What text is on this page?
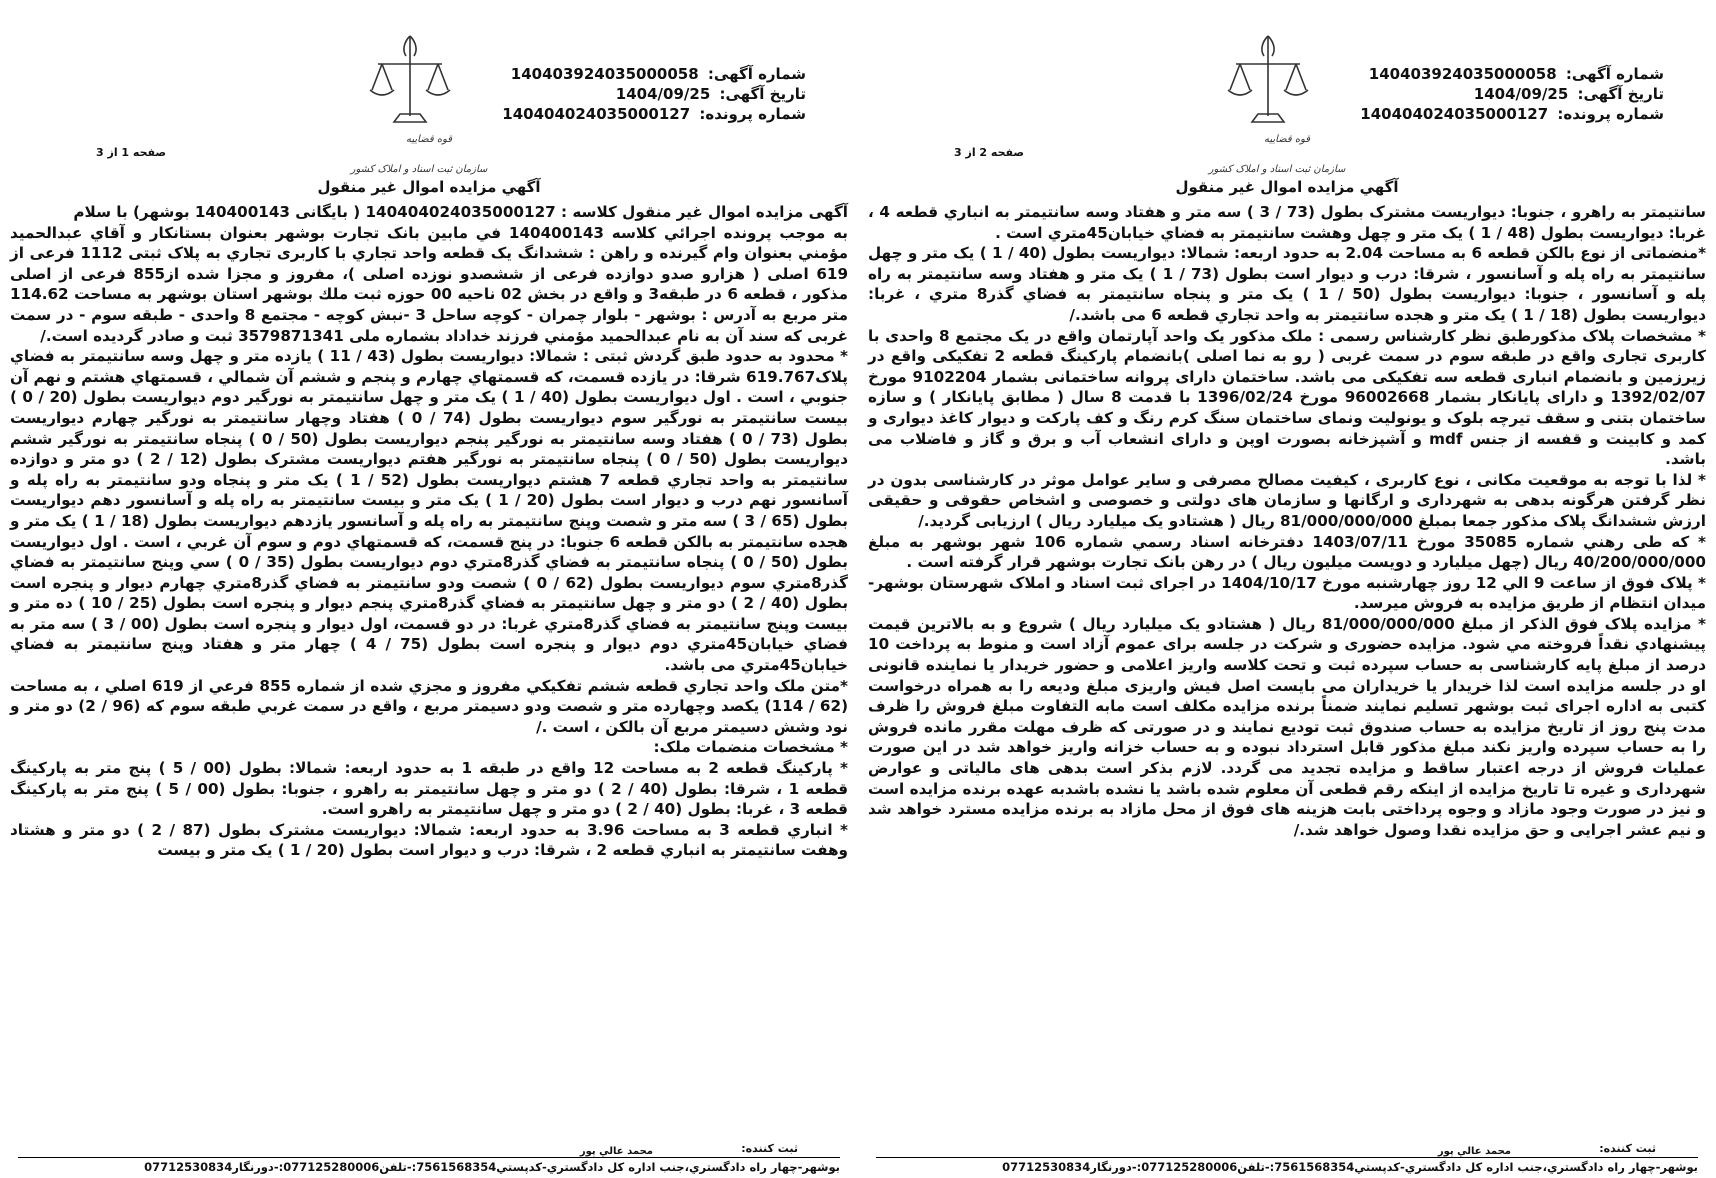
شماره آگهی: 140403924035000058
تاریخ آگهی: 1404/09/25
شماره پرونده: 140404024035000127
قوه قضاییه
سازمان ثبت اسناد و املاک کشور
صفحه 1 از 3
آگهي مزايده اموال غير منقول

آگهی مزایده اموال غیر منقول کلاسه : 140404024035000127 ( بایگانی 140400143 بوشهر) با سلام

به موجب پرونده اجرائي كلاسه 140400143 في مابين بانک تجارت بوشهر بعنوان بستانكار و آقاي عبدالحميد مؤمني بعنوان وام گيرنده و راهن : ششدانگ يک قطعه واحد تجاري با کاربری تجاري به پلاک ثبتی 1112 فرعی از 619 اصلی ( هزارو صدو دوازده فرعی از ششصدو نوزده اصلی )، مفروز و مجزا شده از855 فرعی از اصلی مذکور ، قطعه 6 در طبقه3 و واقع در بخش 02 ناحيه 00 حوزه ثبت ملك بوشهر استان بوشهر به مساحت 114.62 متر مربع به آدرس : بوشهر - بلوار چمران - كوچه ساحل 3 -نبش كوچه - مجتمع 8 واحدی - طبقه سوم - در سمت غربی که سند آن به نام عبدالحميد مؤمني فرزند خداداد بشماره ملی 3579871341 ثبت و صادر گرديده است./

* محدود به حدود طبق گردش ثبتی : شمالا: ديواريست بطول (43 / 11 ) يازده متر و چهل وسه سانتيمتر به فضاي پلاک619.767 شرقا: در يازده قسمت، كه قسمتهاي چهارم و پنجم و ششم آن شمالي ، قسمتهاي هشتم و نهم آن جنوبي ، است . اول ديواريست بطول (40 / 1 ) يک متر و چهل سانتيمتر به نورگير دوم ديواريست بطول (20 / 0 ) بيست سانتيمتر به نورگير سوم ديواريست بطول (74 / 0 ) هفتاد وچهار سانتيمتر به نورگير چهارم ديواريست بطول (73 / 0 ) هفتاد وسه سانتيمتر به نورگير پنجم ديواريست بطول (50 / 0 ) پنجاه سانتيمتر به نورگير ششم ديواريست بطول (50 / 0 ) پنجاه سانتيمتر به نورگير هفتم ديواريست مشترک بطول (12 / 2 ) دو متر و دوازده سانتيمتر به واحد تجاري قطعه 7 هشتم ديواريست بطول (52 / 1 ) يک متر و پنجاه ودو سانتيمتر به راه پله و آسانسور نهم درب و ديوار است بطول (20 / 1 ) يک متر و بيست سانتيمتر به راه پله و آسانسور دهم ديواريست بطول (65 / 3 ) سه متر و شصت وپنج سانتيمتر به راه پله و آسانسور يازدهم ديواريست بطول (18 / 1 ) يک متر و هجده سانتيمتر به بالكن قطعه 6 جنوبا: در پنج قسمت، كه قسمتهاي دوم و سوم آن غربي ، است . اول ديواريست بطول (50 / 0 ) پنجاه سانتيمتر به فضاي گذر8متري دوم ديواريست بطول (35 / 0 ) سي وپنج سانتيمتر به فضاي گذر8متري سوم ديواريست بطول (62 / 0 ) شصت ودو سانتيمتر به فضاي گذر8متري چهارم ديوار و پنجره است بطول (40 / 2 ) دو متر و چهل سانتيمتر به فضاي گذر8متري پنجم ديوار و پنجره است بطول (25 / 10 ) ده متر و بيست وپنج سانتيمتر به فضاي گذر8متري غربا: در دو قسمت، اول ديوار و پنجره است بطول (00 / 3 ) سه متر به فضاي خيابان45متري دوم ديوار و پنجره است بطول (75 / 4 ) چهار متر و هفتاد وپنج سانتيمتر به فضاي خيابان45متري می باشد.

*متن ملک واحد تجاري قطعه ششم تفكيكي مفروز و مجزي شده از شماره 855 فرعي از 619 اصلي ، به مساحت (62 / 114) يكصد وچهارده متر و شصت ودو دسيمتر مربع ، واقع در سمت غربي طبقه سوم كه (96 / 2) دو متر و نود وشش دسيمتر مربع آن بالكن ، است ./

* مشخصات منضمات ملک:

* پاركينگ قطعه 2 به مساحت 12 واقع در طبقه 1 به حدود اربعه: شمالا: بطول (00 / 5 ) پنج متر به پاركينگ قطعه 1 ، شرقا: بطول (40 / 2 ) دو متر و چهل سانتيمتر به راهرو ، جنوبا: بطول (00 / 5 ) پنج متر به پاركينگ قطعه 3 ، غربا: بطول (40 / 2 ) دو متر و چهل سانتيمتر به راهرو است.

* انباري قطعه 3 به مساحت 3.96 به حدود اربعه: شمالا: ديواريست مشترک بطول (87 / 2 ) دو متر و هشتاد وهفت سانتيمتر به انباري قطعه 2 ، شرقا: درب و ديوار است بطول (20 / 1 ) يک متر و بيست

ثبت کننده:
محمد عالي پور
بوشهر-چهار راه دادگستري،جنب اداره كل دادگستري-كدپستي7561568354:-تلفن077125280006:-دورنگار07712530834
شماره آگهی: 140403924035000058
تاریخ آگهی: 1404/09/25
شماره پرونده: 140404024035000127
قوه قضاییه
سازمان ثبت اسناد و املاک کشور
صفحه 2 از 3
آگهي مزايده اموال غير منقول

سانتيمتر به راهرو ، جنوبا: ديواريست مشترک بطول (73 / 3 ) سه متر و هفتاد وسه سانتيمتر به انباري قطعه 4 ، غربا: ديواريست بطول (48 / 1 ) يک متر و چهل وهشت سانتيمتر به فضاي خيابان45متري است .

*منضماتی از نوع بالكن قطعه 6 به مساحت 2.04 به حدود اربعه: شمالا: ديواريست بطول (40 / 1 ) يک متر و چهل سانتيمتر به راه پله و آسانسور ، شرقا: درب و ديوار است بطول (73 / 1 ) يک متر و هفتاد وسه سانتيمتر به راه پله و آسانسور ، جنوبا: ديواريست بطول (50 / 1 ) يک متر و پنجاه سانتيمتر به فضاي گذر8 متري ، غربا: ديواريست بطول (18 / 1 ) يک متر و هجده سانتيمتر به واحد تجاري قطعه 6 می باشد./

* مشخصات پلاک مذكورطبق نظر كارشناس رسمی : ملک مذکور یک واحد آپارتمان واقع در یک مجتمع 8 واحدی با کاربری تجاری واقع در طبقه سوم در سمت غربی ( رو به نما اصلی )بانضمام پارکینگ قطعه 2 تفکیکی واقع در زیرزمین و بانضمام انباری قطعه سه تفکیکی می باشد. ساختمان دارای پروانه ساختمانی بشمار 9102204 مورخ 1392/02/07 و دارای پایانکار بشمار 96002668 مورخ 1396/02/24 با قدمت 8 سال ( مطابق پایانکار ) و سازه ساختمان بتنی و سقف تیرچه بلوک و یونولیت ونمای ساختمان سنگ کرم رنگ و کف پارکت و دیوار کاغذ دیواری و کمد و کابینت و قفسه از جنس mdf و آشپزخانه بصورت اوپن و دارای انشعاب آب و برق و گاز و فاضلاب می باشد.

* لذا با توجه به موقعيت مكانی ، نوع كاربری ، كيفيت مصالح مصرفی و ساير عوامل موثر در كارشناسی بدون در نظر گرفتن هرگونه بدهی به شهرداری و ارگانها و سازمان های دولتی و خصوصی و اشخاص حقوقی و حقيقی ارزش ششدانگ پلاک مذكور جمعا بمبلغ 81/000/000/000 ريال ( هشتادو يک ميليارد ريال ) ارزيابی گرديد./

* که طی رهني شماره 35085 مورخ 1403/07/11 دفترخانه اسناد رسمي شماره 106 شهر بوشهر به مبلغ 40/200/000/000 ريال (چهل ميليارد و دويست ميليون ريال ) در رهن بانک تجارت بوشهر قرار گرفته است .

* پلاک فوق از ساعت 9 الي 12 روز چهارشنبه مورخ 1404/10/17 در اجرای ثبت اسناد و املاک شهرستان بوشهر- ميدان انتظام از طريق مزايده به فروش ميرسد.

* مزايده پلاک فوق الذكر از مبلغ 81/000/000/000 ريال ( هشتادو يک ميليارد ريال ) شروع و به بالاترين قيمت پيشنهادي نقداً فروخته مي شود. مزایده حضوری و شرکت در جلسه برای عموم آزاد است و منوط به پرداخت 10 درصد از مبلغ پایه کارشناسی به حساب سپرده ثبت و تحت کلاسه واریز اعلامی و حضور خریدار یا نماینده قانونی او در جلسه مزایده است لذا خریدار یا خریداران می بایست اصل فیش واریزی مبلغ ودیعه را به همراه درخواست کتبی به اداره اجرای ثبت بوشهر تسلیم نمایند ضمناً برنده مزایده مکلف است مابه التفاوت مبلغ فروش را ظرف مدت پنج روز از تاریخ مزایده به حساب صندوق ثبت تودیع نمایند و در صورتی که ظرف مهلت مقرر مانده فروش را به حساب سپرده واریز نکند مبلغ مذکور قابل استرداد نبوده و به حساب خزانه واریز خواهد شد در این صورت عملیات فروش از درجه اعتبار ساقط و مزایده تجدید می گردد. لازم بذکر است بدهی های مالیاتی و عوارض شهرداری و غیره تا تاریخ مزایده از اینکه رقم قطعی آن معلوم شده باشد یا نشده باشدبه عهده برنده مزایده است و نیز در صورت وجود مازاد و وجوه پرداختی بابت هزینه های فوق از محل مازاد به برنده مزایده مسترد خواهد شد و نیم عشر اجرایی و حق مزایده نقدا وصول خواهد شد./

ثبت کننده:
محمد عالي پور
بوشهر-چهار راه دادگستري،جنب اداره كل دادگستري-كدپستي7561568354:-تلفن077125280006:-دورنگار07712530834
